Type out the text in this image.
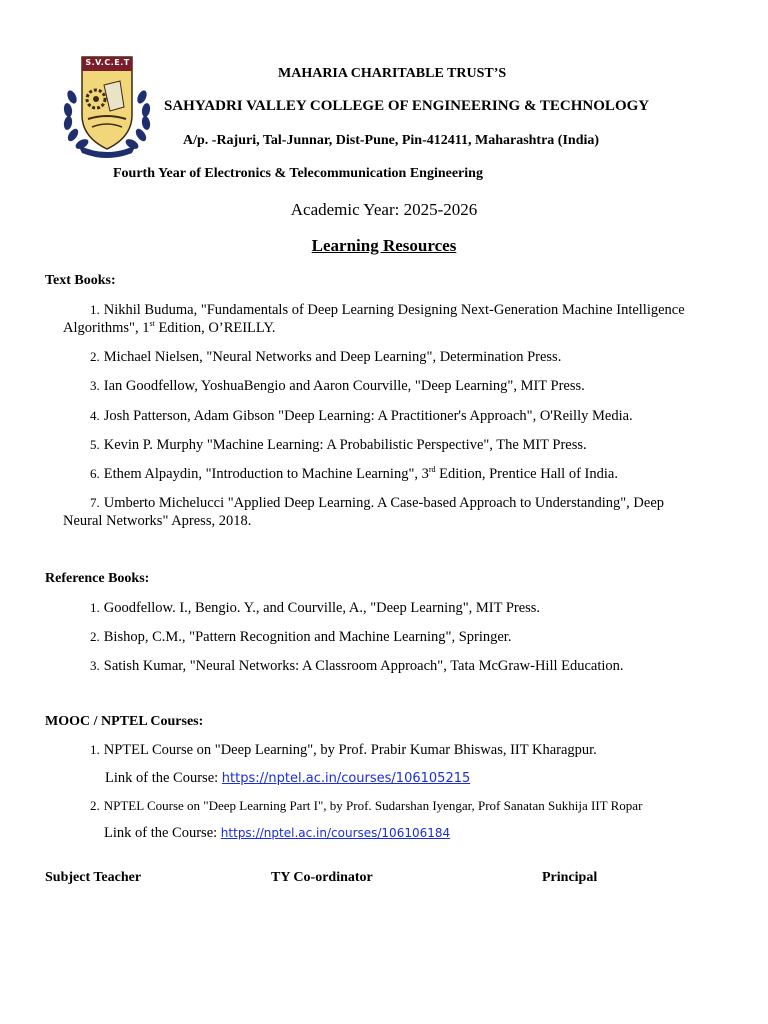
S.V.C.E.T
MAHARIA CHARITABLE TRUST’S
SAHYADRI VALLEY COLLEGE OF ENGINEERING & TECHNOLOGY
A/p. -Rajuri, Tal-Junnar, Dist-Pune, Pin-412411, Maharashtra (India)
Fourth Year of Electronics & Telecommunication Engineering
Academic Year: 2025-2026
Learning Resources
Text Books:
1. Nikhil Buduma, "Fundamentals of Deep Learning Designing Next-Generation Machine Intelligence
Algorithms", 1st Edition, O’REILLY.
2. Michael Nielsen, "Neural Networks and Deep Learning", Determination Press.
3. Ian Goodfellow, YoshuaBengio and Aaron Courville, "Deep Learning", MIT Press.
4. Josh Patterson, Adam Gibson "Deep Learning: A Practitioner's Approach", O'Reilly Media.
5. Kevin P. Murphy "Machine Learning: A Probabilistic Perspective", The MIT Press.
6. Ethem Alpaydin, "Introduction to Machine Learning", 3rd Edition, Prentice Hall of India.
7. Umberto Michelucci "Applied Deep Learning. A Case-based Approach to Understanding", Deep
Neural Networks" Apress, 2018.
Reference Books:
1. Goodfellow. I., Bengio. Y., and Courville, A., "Deep Learning", MIT Press.
2. Bishop, C.M., "Pattern Recognition and Machine Learning", Springer.
3. Satish Kumar, "Neural Networks: A Classroom Approach", Tata McGraw-Hill Education.
MOOC / NPTEL Courses:
1. NPTEL Course on "Deep Learning", by Prof. Prabir Kumar Bhiswas, IIT Kharagpur.
Link of the Course: https://nptel.ac.in/courses/106105215
2. NPTEL Course on "Deep Learning Part I", by Prof. Sudarshan Iyengar, Prof Sanatan Sukhija IIT Ropar
Link of the Course: https://nptel.ac.in/courses/106106184
Subject Teacher	TY Co-ordinator	Principal
